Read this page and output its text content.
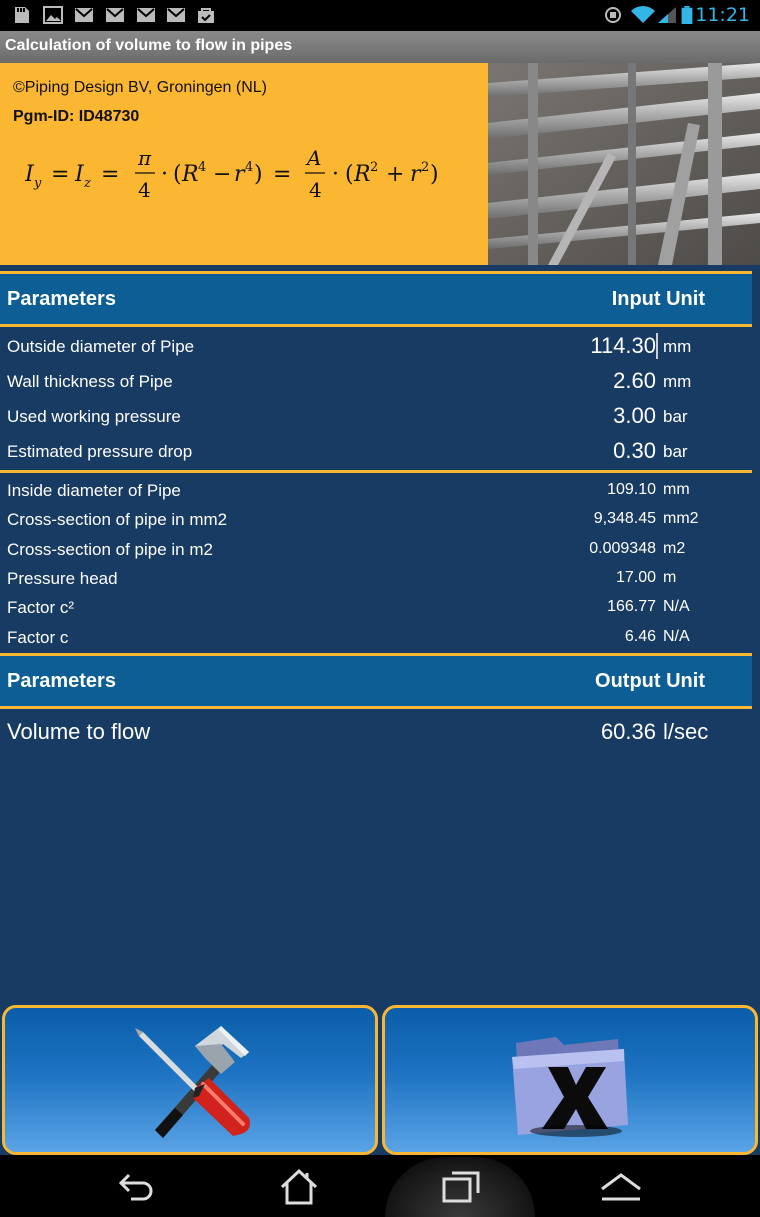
11:21
Calculation of volume to flow in pipes
©Piping Design BV, Groningen (NL)
Pgm-ID: ID48730
I y = I z =
π
4
· ( R 4 − r 4 ) =
A
4
· ( R 2 + r 2 )
Parameters	Input Unit
Outside diameter of Pipe	114.30 mm
Wall thickness of Pipe	2.60 mm
Used working pressure	3.00 bar
Estimated pressure drop	0.30 bar
Inside diameter of Pipe	109.10 mm
Cross-section of pipe in mm2	9,348.45 mm2
Cross-section of pipe in m2	0.009348 m2
Pressure head	17.00 m
Factor c²	166.77 N/A
Factor c	6.46 N/A
Parameters	Output Unit
Volume to flow	60.36 l/sec
